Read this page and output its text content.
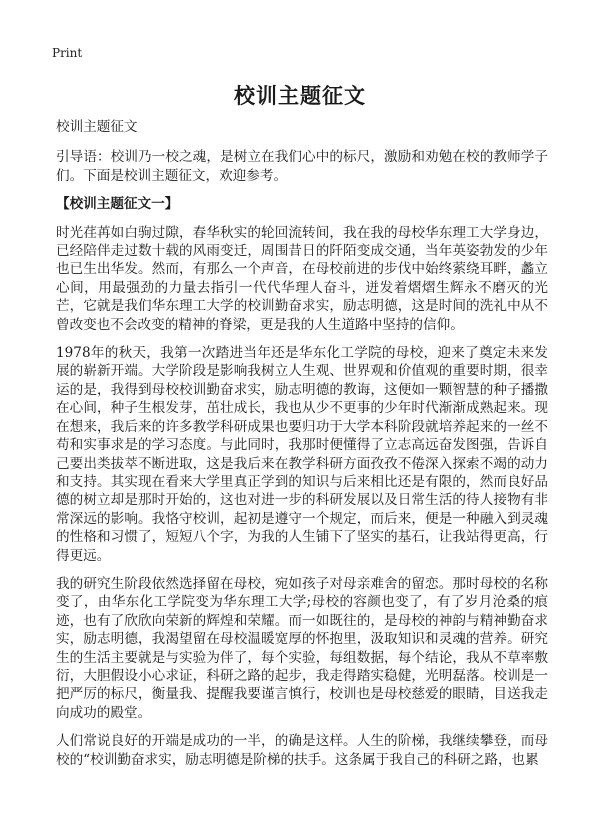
Print
校训主题征文

校训主题征文

引导语：校训乃一校之魂，是树立在我们心中的标尺，激励和劝勉在校的教师学子们。下面是校训主题征文，欢迎参考。

【校训主题征文一】

时光荏苒如白驹过隙，春华秋实的轮回流转间，我在我的母校华东理工大学身边，已经陪伴走过数十载的风雨变迁，周围昔日的阡陌变成交通，当年英姿勃发的少年也已生出华发。然而，有那么一个声音，在母校前进的步伐中始终萦绕耳畔，蠡立心间，用最强劲的力量去指引一代代华理人奋斗，迸发着熠熠生辉永不磨灭的光芒，它就是我们华东理工大学的校训勤奋求实，励志明德，这是时间的洗礼中从不曾改变也不会改变的精神的脊梁，更是我的人生道路中坚持的信仰。

1978年的秋天，我第一次踏进当年还是华东化工学院的母校，迎来了奠定未来发展的崭新开端。大学阶段是影响我树立人生观、世界观和价值观的重要时期，很幸运的是，我得到母校校训勤奋求实，励志明德的教诲，这便如一颗智慧的种子播撒在心间，种子生根发芽，茁壮成长，我也从少不更事的少年时代渐渐成熟起来。现在想来，我后来的许多教学科研成果也要归功于大学本科阶段就培养起来的一丝不苟和实事求是的学习态度。与此同时，我那时便懂得了立志高远奋发图强，告诉自己要出类拔萃不断进取，这是我后来在教学科研方面孜孜不倦深入探索不竭的动力和支持。其实现在看来大学里真正学到的知识与后来相比还是有限的，然而良好品德的树立却是那时开始的，这也对进一步的科研发展以及日常生活的待人接物有非常深远的影响。我恪守校训，起初是遵守一个规定，而后来，便是一种融入到灵魂的性格和习惯了，短短八个字，为我的人生铺下了坚实的基石，让我站得更高，行得更远。

我的研究生阶段依然选择留在母校，宛如孩子对母亲难舍的留恋。那时母校的名称变了，由华东化工学院变为华东理工大学;母校的容颜也变了，有了岁月沧桑的痕迹，也有了欣欣向荣新的辉煌和荣耀。而一如既往的，是母校的神韵与精神勤奋求实，励志明德，我渴望留在母校温暖宽厚的怀抱里，汲取知识和灵魂的营养。研究生的生活主要就是与实验为伴了，每个实验，每组数据，每个结论，我从不草率敷衍，大胆假设小心求证，科研之路的起步，我走得踏实稳健，光明磊落。校训是一把严厉的标尺，衡量我、提醒我要谨言慎行，校训也是母校慈爱的眼睛，目送我走向成功的殿堂。

人们常说良好的开端是成功的一半，的确是这样。人生的阶梯，我继续攀登，而母校的“校训勤奋求实，励志明德是阶梯的扶手。这条属于我自己的科研之路，也累
